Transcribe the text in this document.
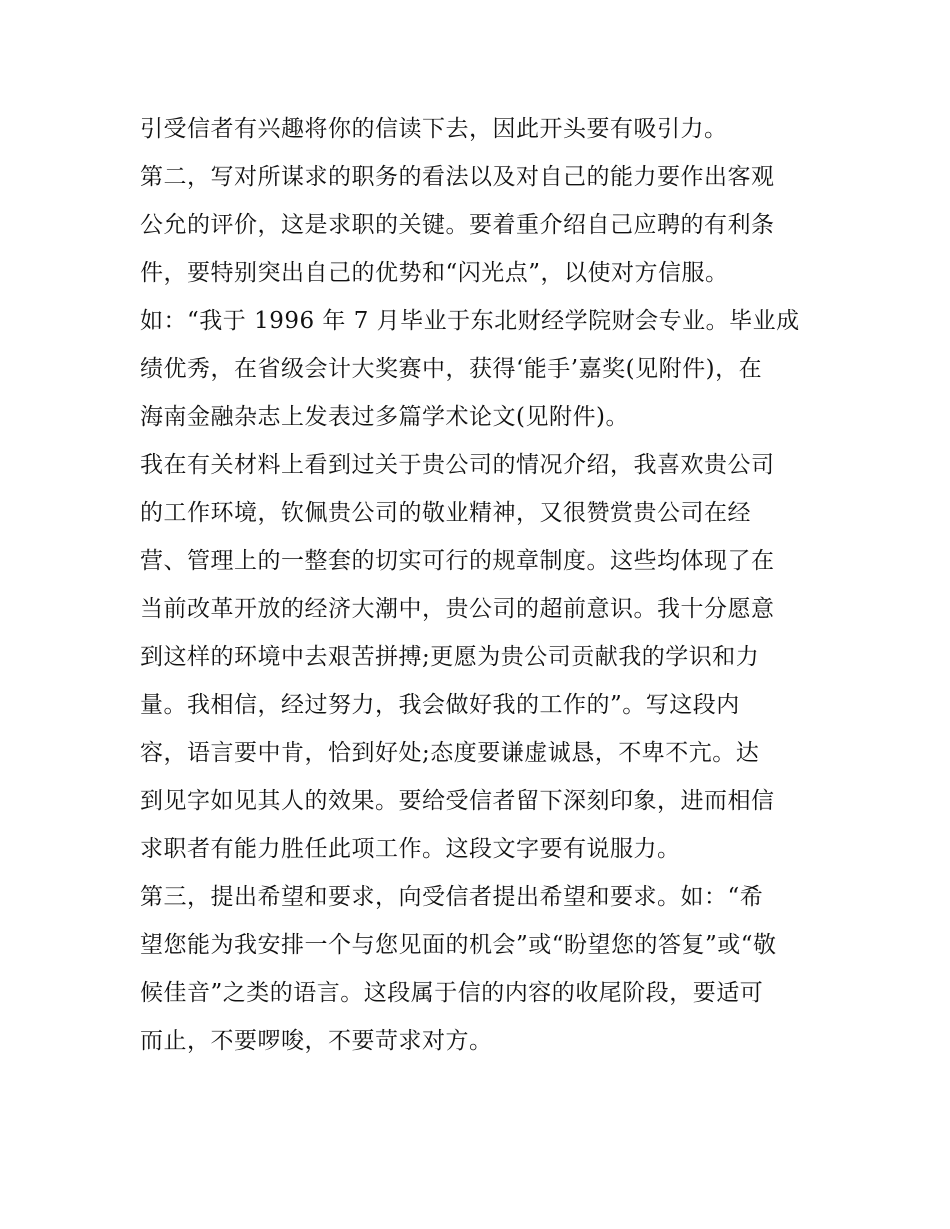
引受信者有兴趣将你的信读下去，因此开头要有吸引力。
第二，写对所谋求的职务的看法以及对自己的能力要作出客观
公允的评价，这是求职的关键。要着重介绍自己应聘的有利条
件，要特别突出自己的优势和“闪光点”，以使对方信服。
如：“我于 1996 年 7 月毕业于东北财经学院财会专业。毕业成
绩优秀，在省级会计大奖赛中，获得‘能手’嘉奖(见附件)，在
海南金融杂志上发表过多篇学术论文(见附件)。
我在有关材料上看到过关于贵公司的情况介绍，我喜欢贵公司
的工作环境，钦佩贵公司的敬业精神，又很赞赏贵公司在经
营、管理上的一整套的切实可行的规章制度。这些均体现了在
当前改革开放的经济大潮中，贵公司的超前意识。我十分愿意
到这样的环境中去艰苦拼搏;更愿为贵公司贡献我的学识和力
量。我相信，经过努力，我会做好我的工作的”。写这段内
容，语言要中肯，恰到好处;态度要谦虚诚恳，不卑不亢。达
到见字如见其人的效果。要给受信者留下深刻印象，进而相信
求职者有能力胜任此项工作。这段文字要有说服力。
第三，提出希望和要求，向受信者提出希望和要求。如：“希
望您能为我安排一个与您见面的机会”或“盼望您的答复”或“敬
候佳音”之类的语言。这段属于信的内容的收尾阶段，要适可
而止，不要啰唆，不要苛求对方。
